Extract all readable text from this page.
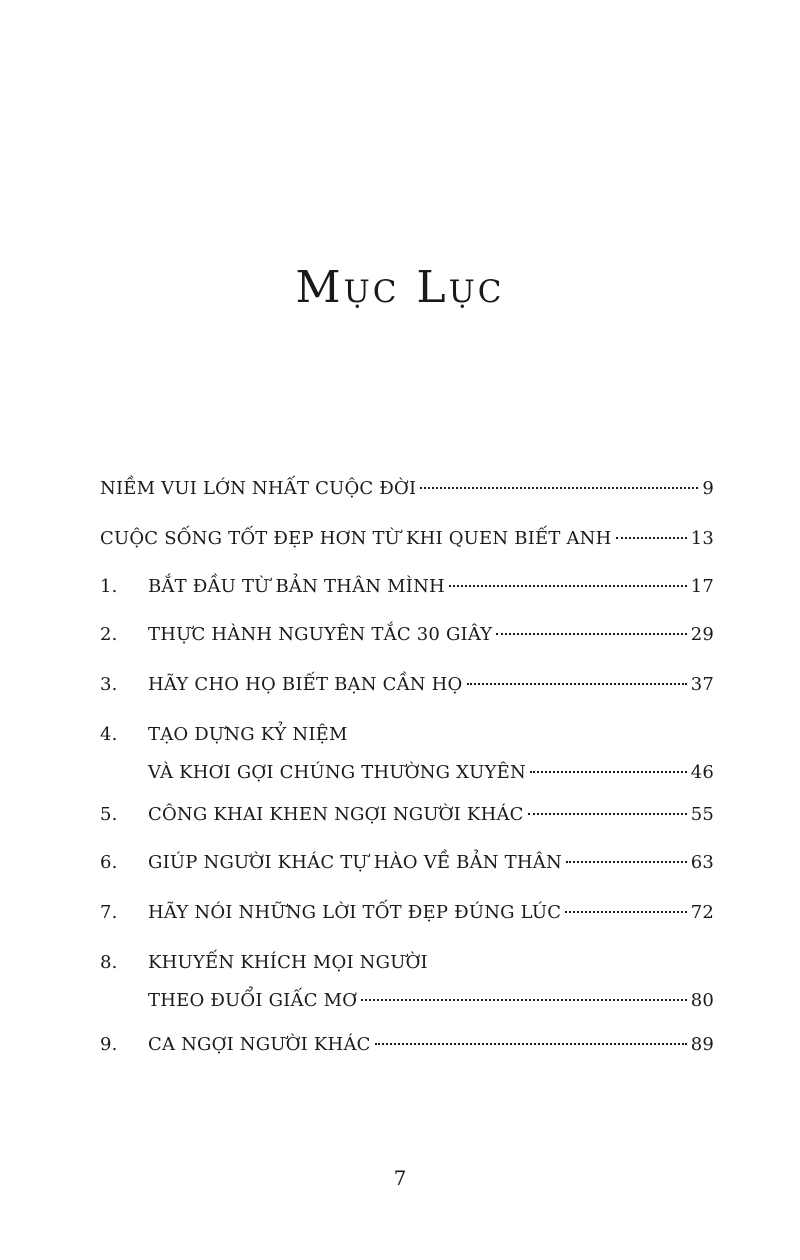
Mục Lục
NIỀM VUI LỚN NHẤT CUỘC ĐỜI	9
CUỘC SỐNG TỐT ĐẸP HƠN TỪ KHI QUEN BIẾT ANH	13
1.	BẮT ĐẦU TỪ BẢN THÂN MÌNH	17
2.	THỰC HÀNH NGUYÊN TẮC 30 GIÂY	29
3.	HÃY CHO HỌ BIẾT BẠN CẦN HỌ	37
4.	TẠO DỰNG KỶ NIỆM
VÀ KHƠI GỢI CHÚNG THƯỜNG XUYÊN	46
5.	CÔNG KHAI KHEN NGỢI NGƯỜI KHÁC	55
6.	GIÚP NGƯỜI KHÁC TỰ HÀO VỀ BẢN THÂN	63
7.	HÃY NÓI NHỮNG LỜI TỐT ĐẸP ĐÚNG LÚC	72
8.	KHUYẾN KHÍCH MỌI NGƯỜI
THEO ĐUỔI GIẤC MƠ	80
9.	CA NGỢI NGƯỜI KHÁC	89
7
